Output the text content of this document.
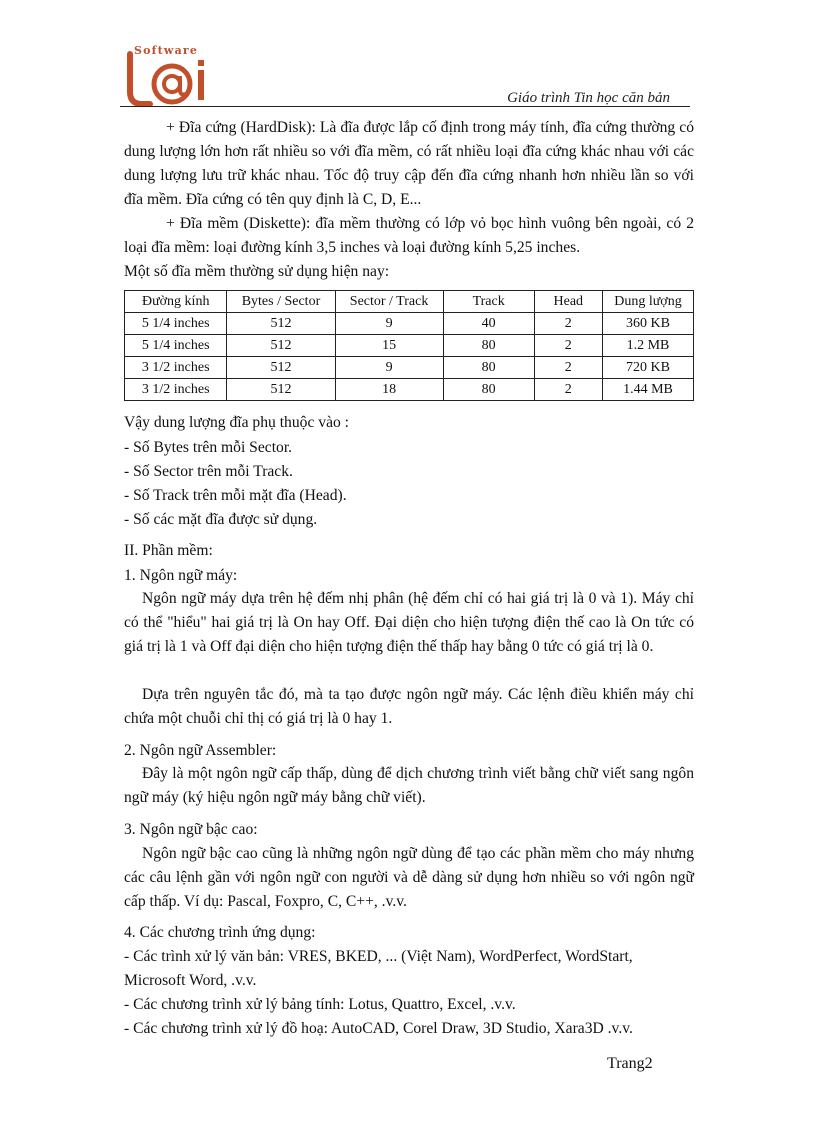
Software
Giáo trình Tin học căn bản
+ Đĩa cứng (HardDisk): Là đĩa được lắp cố định trong máy tính, đĩa cứng thường có dung lượng lớn hơn rất nhiều so với đĩa mềm, có rất nhiều loại đĩa cứng khác nhau với các dung lượng lưu trữ khác nhau. Tốc độ truy cập đến đĩa cứng nhanh hơn nhiều lần so với đĩa mềm. Đĩa cứng có tên quy định là C, D, E...
+ Đĩa mềm (Diskette): đĩa mềm thường có lớp vỏ bọc hình vuông bên ngoài, có 2 loại đĩa mềm: loại đường kính 3,5 inches và loại đường kính 5,25 inches.
Một số đĩa mềm thường sử dụng hiện nay:
Đường kính	Bytes / Sector	Sector / Track	Track	Head	Dung lượng
5 1/4 inches	512	9	40	2	360 KB
5 1/4 inches	512	15	80	2	1.2 MB
3 1/2 inches	512	9	80	2	720 KB
3 1/2 inches	512	18	80	2	1.44 MB
Vậy dung lượng đĩa phụ thuộc vào :
- Số Bytes trên mỗi Sector.
- Số Sector trên mỗi Track.
- Số Track trên mỗi mặt đĩa (Head).
- Số các mặt đĩa được sử dụng.
II. Phần mềm:
1. Ngôn ngữ máy:
Ngôn ngữ máy dựa trên hệ đếm nhị phân (hệ đếm chỉ có hai giá trị là 0 và 1). Máy chỉ có thể "hiểu" hai giá trị là On hay Off. Đại diện cho hiện tượng điện thế cao là On tức có giá trị là 1 và Off đại diện cho hiện tượng điện thế thấp hay bằng 0 tức có giá trị là 0.
Dựa trên nguyên tắc đó, mà ta tạo được ngôn ngữ máy. Các lệnh điều khiển máy chỉ chứa một chuỗi chỉ thị có giá trị là 0 hay 1.
2. Ngôn ngữ Assembler:
Đây là một ngôn ngữ cấp thấp, dùng để dịch chương trình viết bằng chữ viết sang ngôn ngữ máy (ký hiệu ngôn ngữ máy bằng chữ viết).
3. Ngôn ngữ bậc cao:
Ngôn ngữ bậc cao cũng là những ngôn ngữ dùng để tạo các phần mềm cho máy nhưng các câu lệnh gần với ngôn ngữ con người và dễ dàng sử dụng hơn nhiều so với ngôn ngữ cấp thấp. Ví dụ: Pascal, Foxpro, C, C++, .v.v.
4. Các chương trình ứng dụng:
- Các trình xử lý văn bản: VRES, BKED, ... (Việt Nam), WordPerfect, WordStart, Microsoft Word, .v.v.
- Các chương trình xử lý bảng tính: Lotus, Quattro, Excel, .v.v.
- Các chương trình xử lý đồ hoạ: AutoCAD, Corel Draw, 3D Studio, Xara3D .v.v.
Trang2
